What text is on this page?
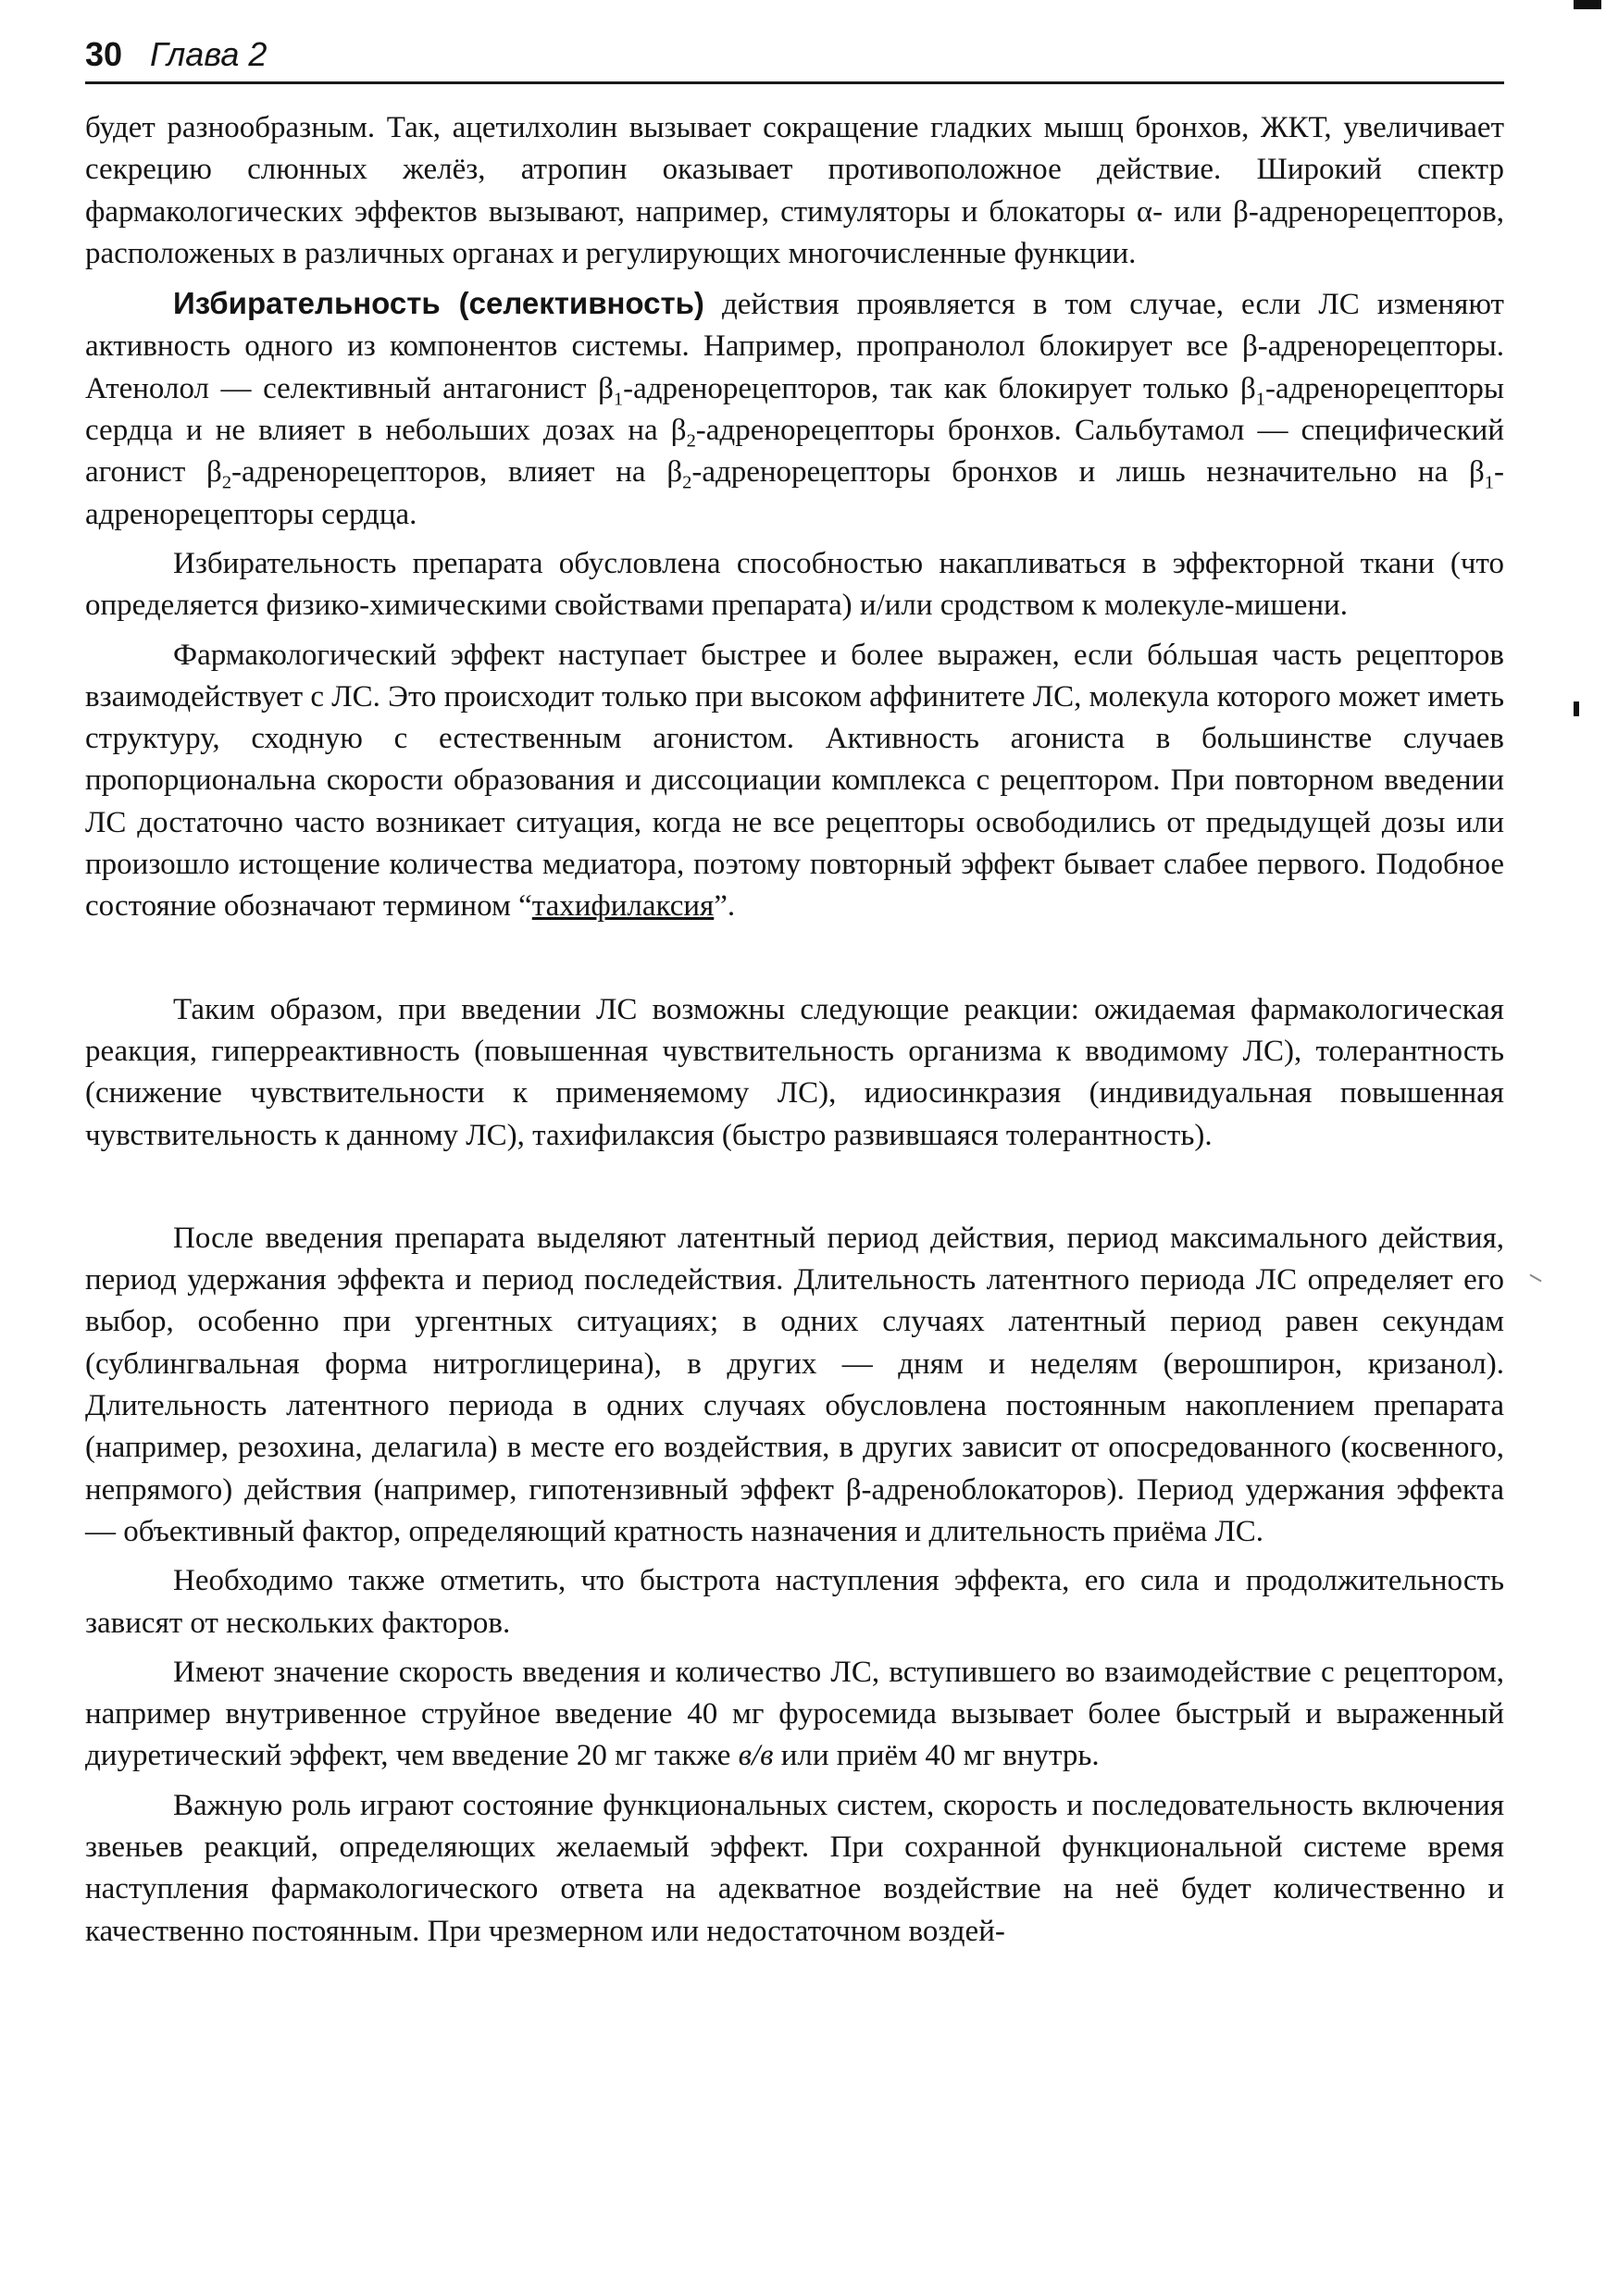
30 Глава 2

будет разнообразным. Так, ацетилхолин вызывает сокращение гладких мышц бронхов, ЖКТ, увеличивает секрецию слюнных желёз, атропин оказывает противоположное действие. Широкий спектр фармакологических эффектов вызывают, например, стимуляторы и блокаторы α- или β-адренорецепторов, расположеных в различных органах и регулирующих многочисленные функции.

Избирательность (селективность) действия проявляется в том случае, если ЛС изменяют активность одного из компонентов системы. Например, пропранолол блокирует все β-адренорецепторы. Атенолол — селективный антагонист $\beta_1$-адренорецепторов, так как блокирует только $\beta_1$-адренорецепторы сердца и не влияет в небольших дозах на $\beta_2$-адренорецепторы бронхов. Сальбутамол — специфический агонист $\beta_2$-адренорецепторов, влияет на $\beta_2$-адренорецепторы бронхов и лишь незначительно на $\beta_1$-адренорецепторы сердца.

Избирательность препарата обусловлена способностью накапливаться в эффекторной ткани (что определяется физико-химическими свойствами препарата) и/или сродством к молекуле-мишени.

Фармакологический эффект наступает быстрее и более выражен, если бóльшая часть рецепторов взаимодействует с ЛС. Это происходит только при высоком аффинитете ЛС, молекула которого может иметь структуру, сходную с естественным агонистом. Активность агониста в большинстве случаев пропорциональна скорости образования и диссоциации комплекса с рецептором. При повторном введении ЛС достаточно часто возникает ситуация, когда не все рецепторы освободились от предыдущей дозы или произошло истощение количества медиатора, поэтому повторный эффект бывает слабее первого. Подобное состояние обозначают термином “тахифилаксия”.

Таким образом, при введении ЛС возможны следующие реакции: ожидаемая фармакологическая реакция, гиперреактивность (повышенная чувствительность организма к вводимому ЛС), толерантность (снижение чувствительности к применяемому ЛС), идиосинкразия (индивидуальная повышенная чувствительность к данному ЛС), тахифилаксия (быстро развившаяся толерантность).

После введения препарата выделяют латентный период действия, период максимального действия, период удержания эффекта и период последействия. Длительность латентного периода ЛС определяет его выбор, особенно при ургентных ситуациях; в одних случаях латентный период равен секундам (сублингвальная форма нитроглицерина), в других — дням и неделям (верошпирон, кризанол). Длительность латентного периода в одних случаях обусловлена постоянным накоплением препарата (например, резохина, делагила) в месте его воздействия, в других зависит от опосредованного (косвенного, непрямого) действия (например, гипотензивный эффект β-адреноблокаторов). Период удержания эффекта — объективный фактор, определяющий кратность назначения и длительность приёма ЛС.

Необходимо также отметить, что быстрота наступления эффекта, его сила и продолжительность зависят от нескольких факторов.

Имеют значение скорость введения и количество ЛС, вступившего во взаимодействие с рецептором, например внутривенное струйное введение 40 мг фуросемида вызывает более быстрый и выраженный диуретический эффект, чем введение 20 мг также в/в или приём 40 мг внутрь.

Важную роль играют состояние функциональных систем, скорость и последовательность включения звеньев реакций, определяющих желаемый эффект. При сохранной функциональной системе время наступления фармакологического ответа на адекватное воздействие на неё будет количественно и качественно постоянным. При чрезмерном или недостаточном воздей-
